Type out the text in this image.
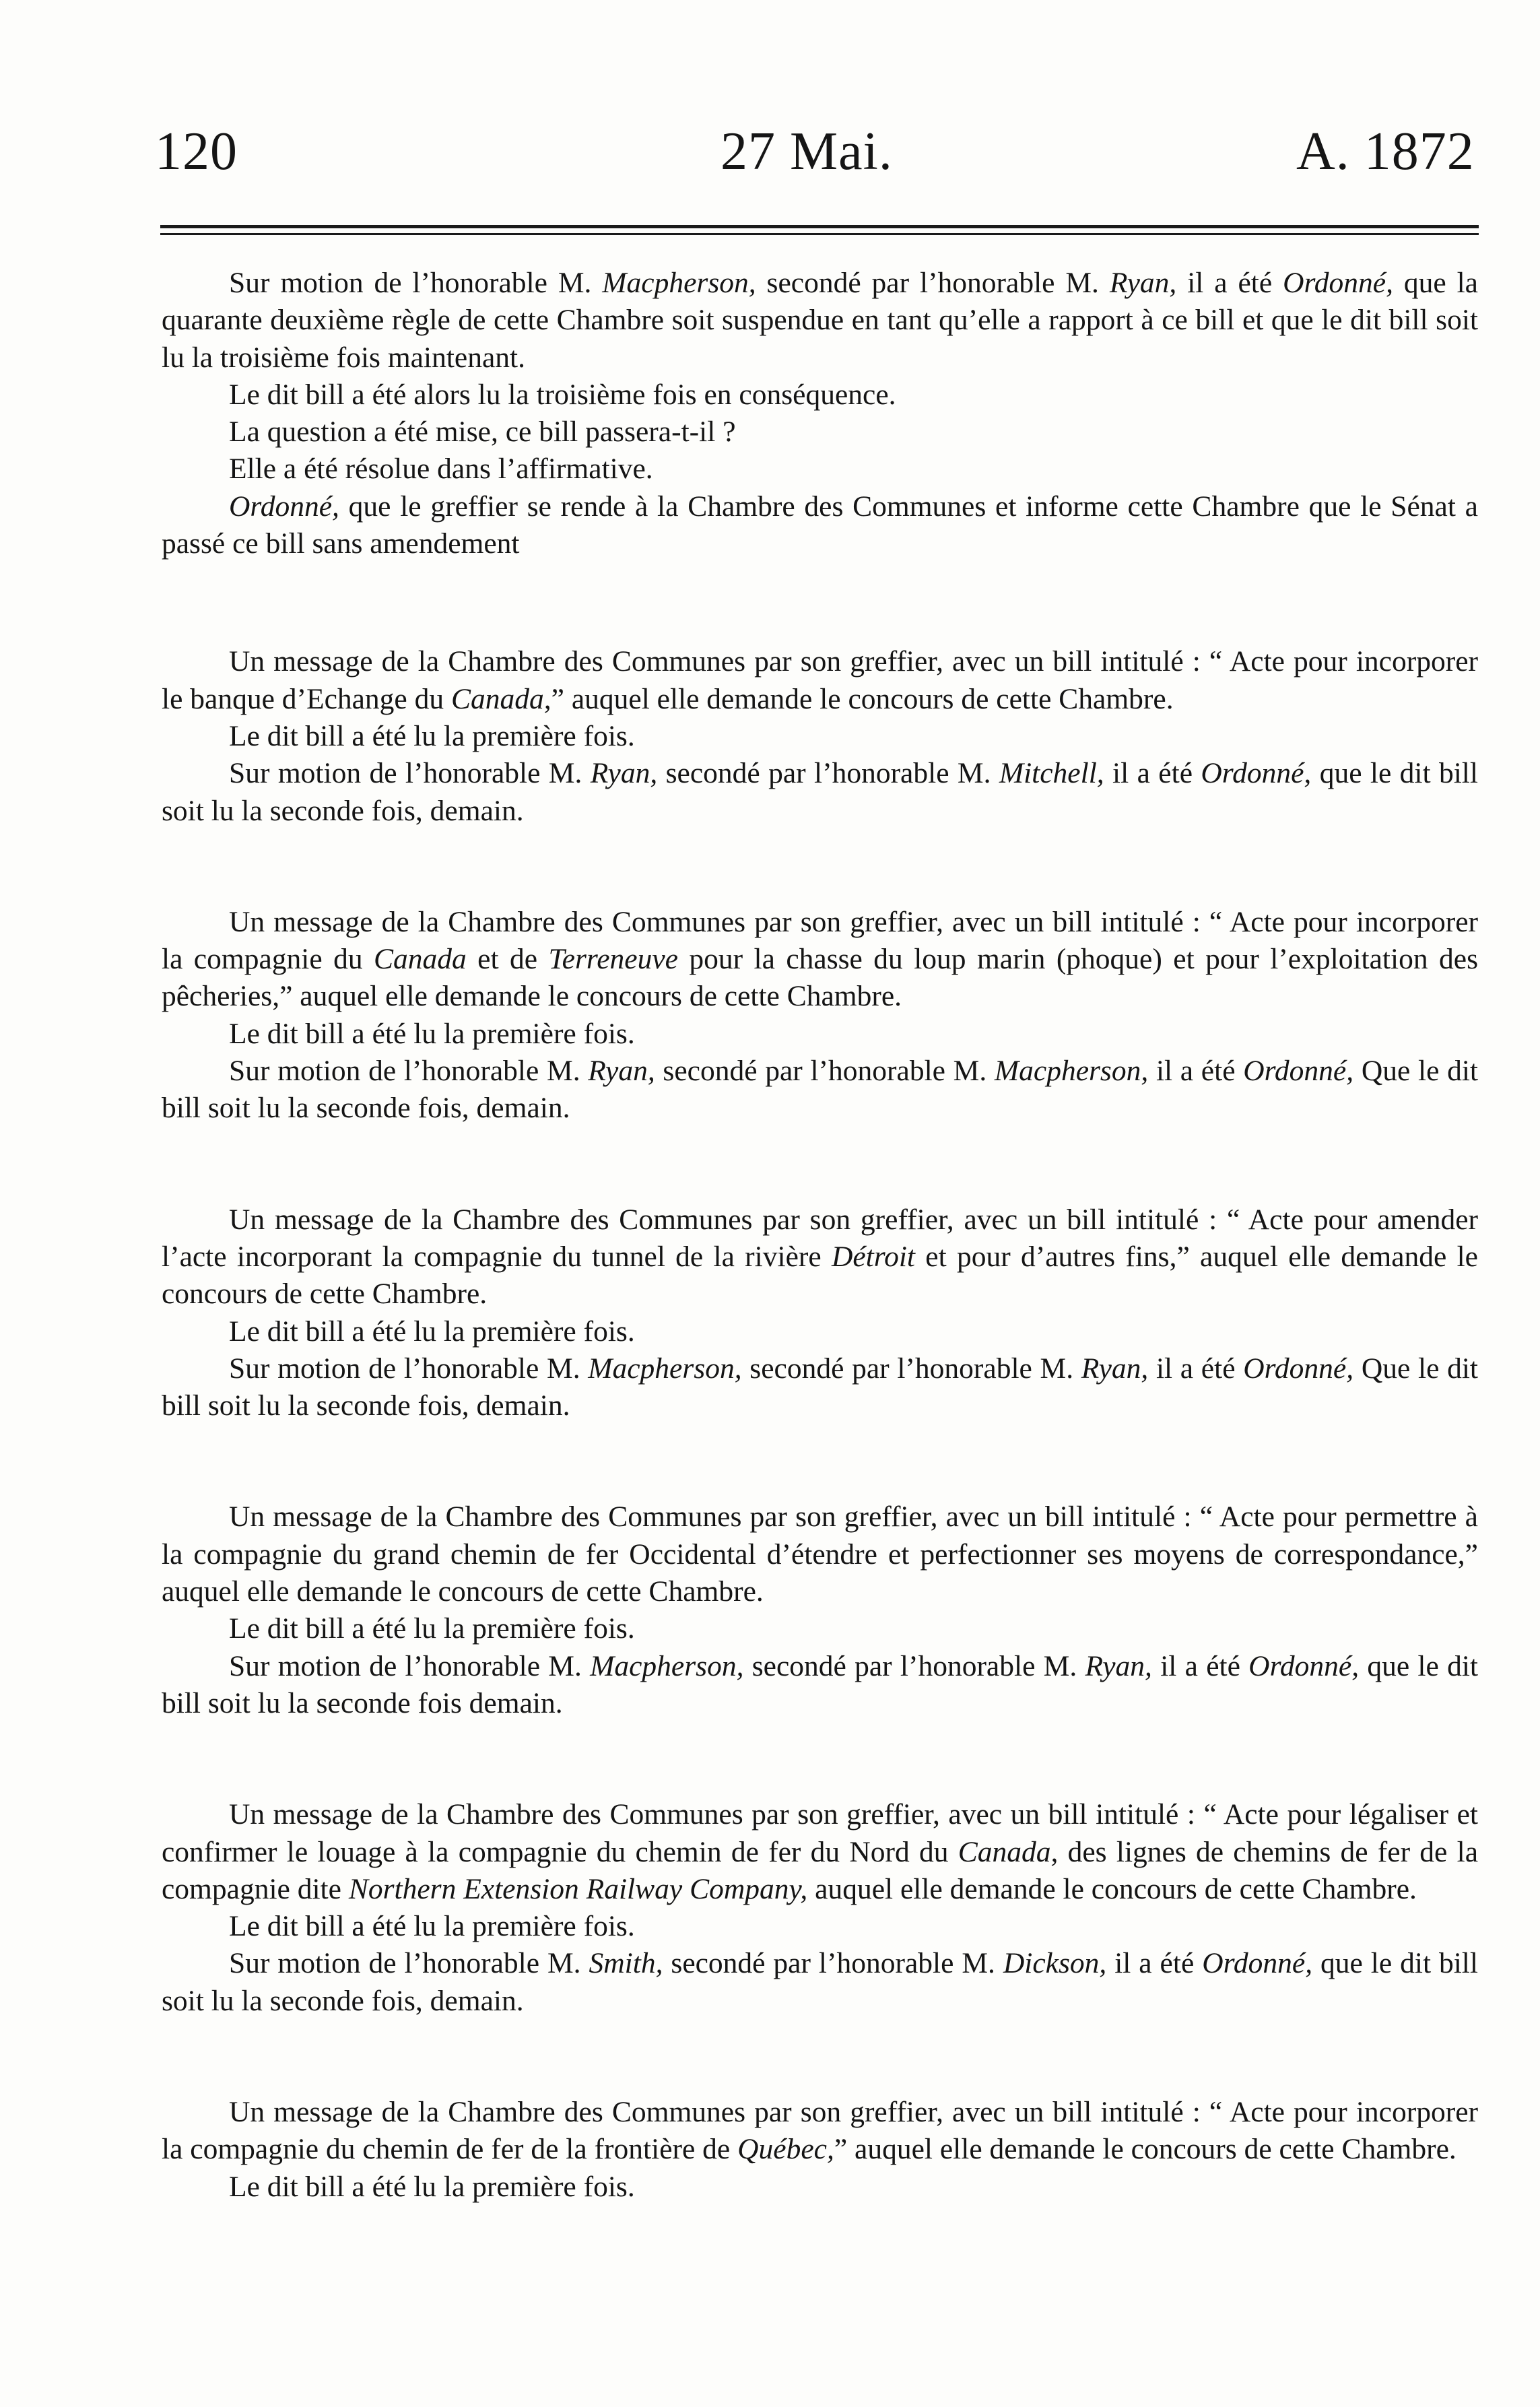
120	27 Mai.	A. 1872

Sur motion de l’honorable M. Macpherson, secondé par l’honorable M. Ryan, il a été Ordonné, que la quarante deuxième règle de cette Chambre soit suspendue en tant qu’elle a rapport à ce bill et que le dit bill soit lu la troisième fois maintenant.

Le dit bill a été alors lu la troisième fois en conséquence.

La question a été mise, ce bill passera-t-il ?

Elle a été résolue dans l’affirmative.

Ordonné, que le greffier se rende à la Chambre des Communes et informe cette Chambre que le Sénat a passé ce bill sans amendement

Un message de la Chambre des Communes par son greffier, avec un bill intitulé : “ Acte pour incorporer le banque d’Echange du Canada,” auquel elle demande le concours de cette Chambre.

Le dit bill a été lu la première fois.

Sur motion de l’honorable M. Ryan, secondé par l’honorable M. Mitchell, il a été Ordonné, que le dit bill soit lu la seconde fois, demain.

Un message de la Chambre des Communes par son greffier, avec un bill intitulé : “ Acte pour incorporer la compagnie du Canada et de Terreneuve pour la chasse du loup marin (phoque) et pour l’exploitation des pêcheries,” auquel elle demande le concours de cette Chambre.

Le dit bill a été lu la première fois.

Sur motion de l’honorable M. Ryan, secondé par l’honorable M. Macpherson, il a été Ordonné, Que le dit bill soit lu la seconde fois, demain.

Un message de la Chambre des Communes par son greffier, avec un bill intitulé : “ Acte pour amender l’acte incorporant la compagnie du tunnel de la rivière Détroit et pour d’autres fins,” auquel elle demande le concours de cette Chambre.

Le dit bill a été lu la première fois.

Sur motion de l’honorable M. Macpherson, secondé par l’honorable M. Ryan, il a été Ordonné, Que le dit bill soit lu la seconde fois, demain.

Un message de la Chambre des Communes par son greffier, avec un bill intitulé : “ Acte pour permettre à la compagnie du grand chemin de fer Occidental d’étendre et perfectionner ses moyens de correspondance,” auquel elle demande le concours de cette Chambre.

Le dit bill a été lu la première fois.

Sur motion de l’honorable M. Macpherson, secondé par l’honorable M. Ryan, il a été Ordonné, que le dit bill soit lu la seconde fois demain.

Un message de la Chambre des Communes par son greffier, avec un bill intitulé : “ Acte pour légaliser et confirmer le louage à la compagnie du chemin de fer du Nord du Canada, des lignes de chemins de fer de la compagnie dite Northern Extension Railway Company, auquel elle demande le concours de cette Chambre.

Le dit bill a été lu la première fois.

Sur motion de l’honorable M. Smith, secondé par l’honorable M. Dickson, il a été Ordonné, que le dit bill soit lu la seconde fois, demain.

Un message de la Chambre des Communes par son greffier, avec un bill intitulé : “ Acte pour incorporer la compagnie du chemin de fer de la frontière de Québec,” auquel elle demande le concours de cette Chambre.

Le dit bill a été lu la première fois.
